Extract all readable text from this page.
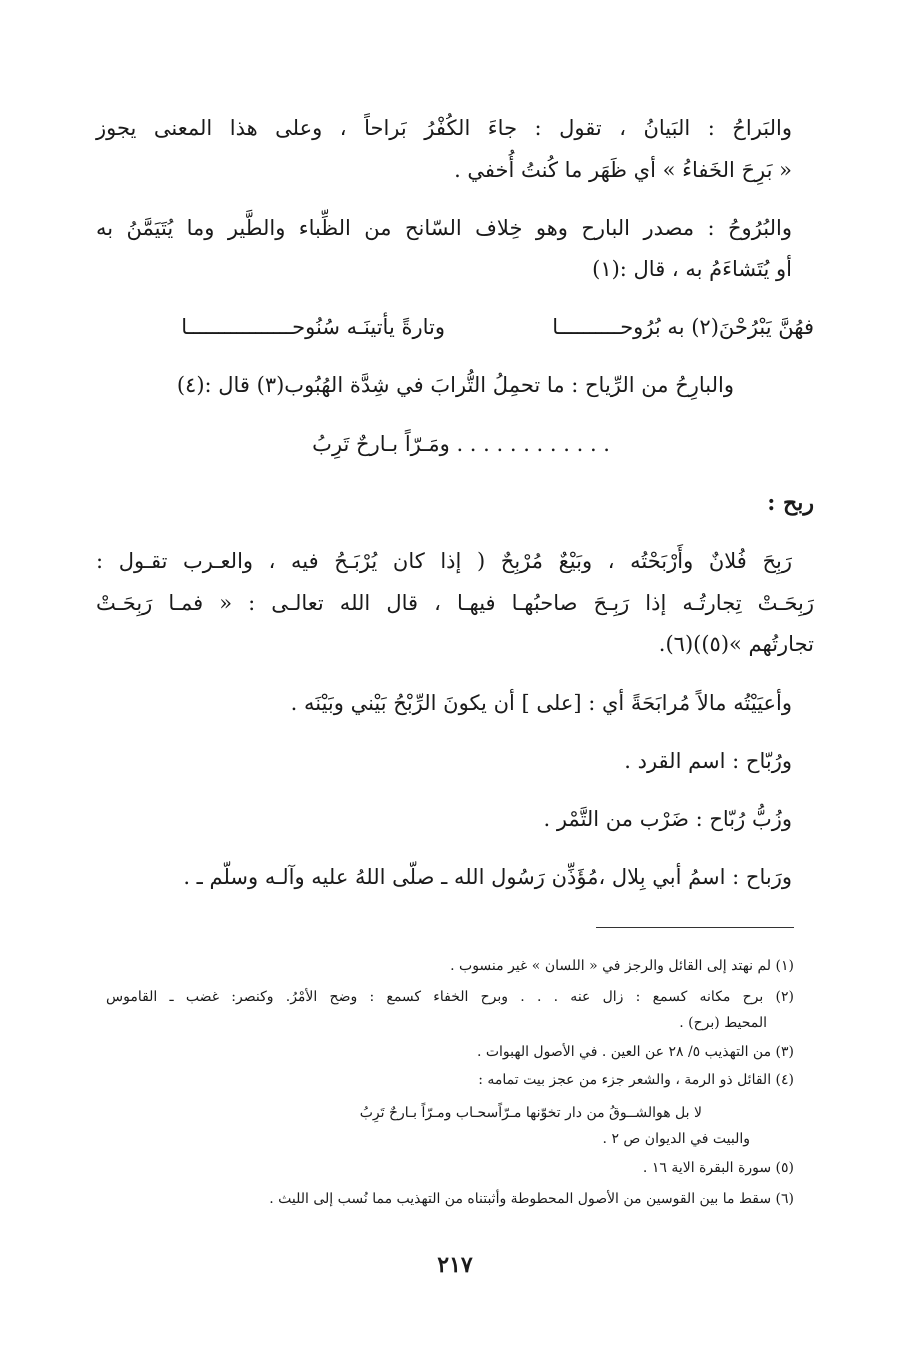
والبَراحُ : البَيانُ ، تقول : جاءَ الكُفْرُ بَراحاً ، وعلى هذا المعنى يجوز
« بَرِحَ الخَفاءُ » أي ظَهَر ما كُنتُ أُخفي .
والبُرُوحُ : مصدر البارح وهو خِلاف السّانح من الظِّباء والطَّير وما يُتَيَمَّنُ به
أو يُتَشاءَمُ به ، قال :(١)
فهُنَّ يَبْرُحْنَ(٢) به بُرُوحــــــــــا
وتارةً يأتينَـه سُنُوحـــــــــــــــــا
والبارِحُ من الرِّياح : ما تحمِلُ التُّرابَ في شِدَّة الهُبُوب(٣) قال :(٤)
. . . . . . . . . . . . ومَـرّاً بـارحٌ تَرِبُ
ربح :
رَبِحَ فُلانٌ وأَرْبَحْتُه ، وبَيْعٌ مُرْبِحٌ ( إذا كان يُرْبَـحُ فيه ، والعـرب تقـول :
رَبِحَـتْ تِجارتُـه إذا رَبِـحَ صاحبُهـا فيهـا ، قال الله تعالـى : « فمـا رَبِحَـتْ
تجارتُهم »(٥))(٦).
وأعيَيْتُه مالاً مُرابَحَةً أي : [على ] أن يكونَ الرِّبْحُ بَيْني وبَيْنَه .
ورُبّاح : اسم القرد .
وزُبُّ رُبّاح : ضَرْب من التَّمْر .
ورَباح : اسمُ أبي بِلال ،مُؤَذِّن رَسُول الله ـ صلّى اللهُ عليه وآلـه وسلّم ـ .
(١) لم نهتد إلى القائل والرجز في « اللسان » غير منسوب .
(٢) برح مكانه كسمع : زال عنه . . . وبرح الخفاء كسمع : وضح الأمْرُ. وكنصر: غضب ـ القاموس
المحيط (برح) .
(٣) من التهذيب ٥/ ٢٨ عن العين . في الأصول الهبوات .
(٤) القائل ذو الرمة ، والشعر جزء من عجز بيت تمامه :
لا بل هوالشــوقُ من دار تخوّنها مـرّاًسحـاب ومـرّاً بـارحٌ تَرِبُ
والبيت في الديوان ص ٢ .
(٥) سورة البقرة الاية ١٦ .
(٦) سقط ما بين القوسين من الأصول المحطوطة وأثبتناه من التهذيب مما نُسب إلى الليث .
٢١٧
